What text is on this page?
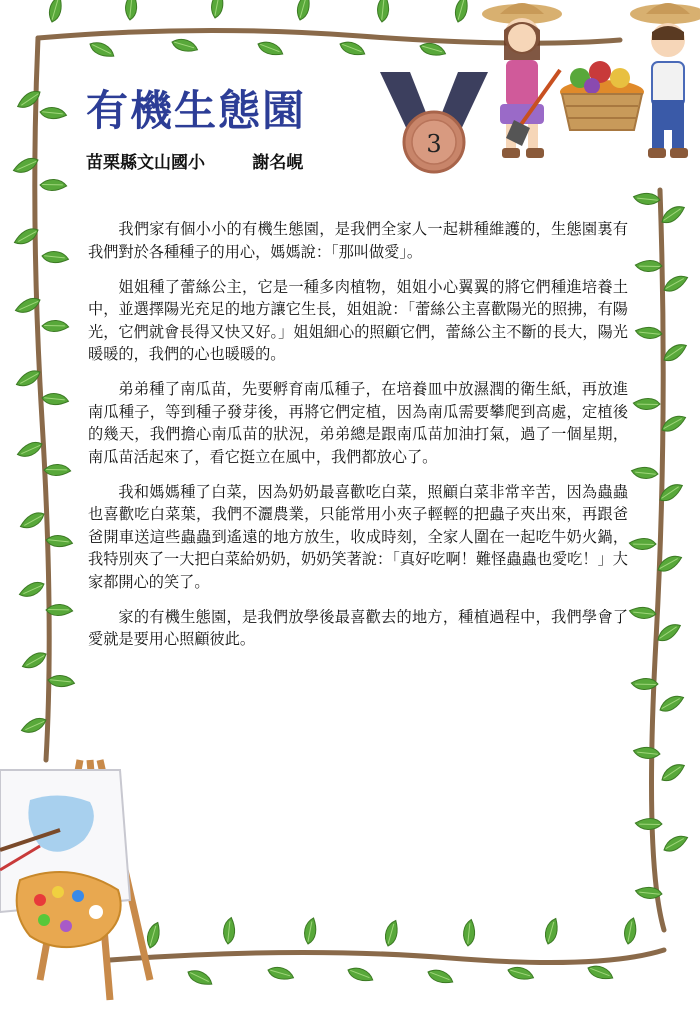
3
有機生態園
苗栗縣文山國小	謝名峴

我們家有個小小的有機生態園，是我們全家人一起耕種維護的，生態園裏有我們對於各種種子的用心，媽媽說：「那叫做愛」。

姐姐種了蕾絲公主，它是一種多肉植物，姐姐小心翼翼的將它們種進培養土中，並選擇陽光充足的地方讓它生長，姐姐說：「蕾絲公主喜歡陽光的照拂，有陽光，它們就會長得又快又好。」姐姐細心的照顧它們，蕾絲公主不斷的長大，陽光暖暖的，我們的心也暖暖的。

弟弟種了南瓜苗，先要孵育南瓜種子，在培養皿中放濕潤的衛生紙，再放進南瓜種子，等到種子發芽後，再將它們定植，因為南瓜需要攀爬到高處，定植後的幾天，我們擔心南瓜苗的狀況，弟弟總是跟南瓜苗加油打氣，過了一個星期，南瓜苗活起來了，看它挺立在風中，我們都放心了。

我和媽媽種了白菜，因為奶奶最喜歡吃白菜，照顧白菜非常辛苦，因為蟲蟲也喜歡吃白菜葉，我們不灑農業，只能常用小夾子輕輕的把蟲子夾出來，再跟爸爸開車送這些蟲蟲到遙遠的地方放生，收成時刻，全家人圍在一起吃牛奶火鍋，我特別夾了一大把白菜給奶奶，奶奶笑著說：「真好吃啊！難怪蟲蟲也愛吃！」大家都開心的笑了。

家的有機生態園，是我們放學後最喜歡去的地方，種植過程中，我們學會了愛就是要用心照顧彼此。
